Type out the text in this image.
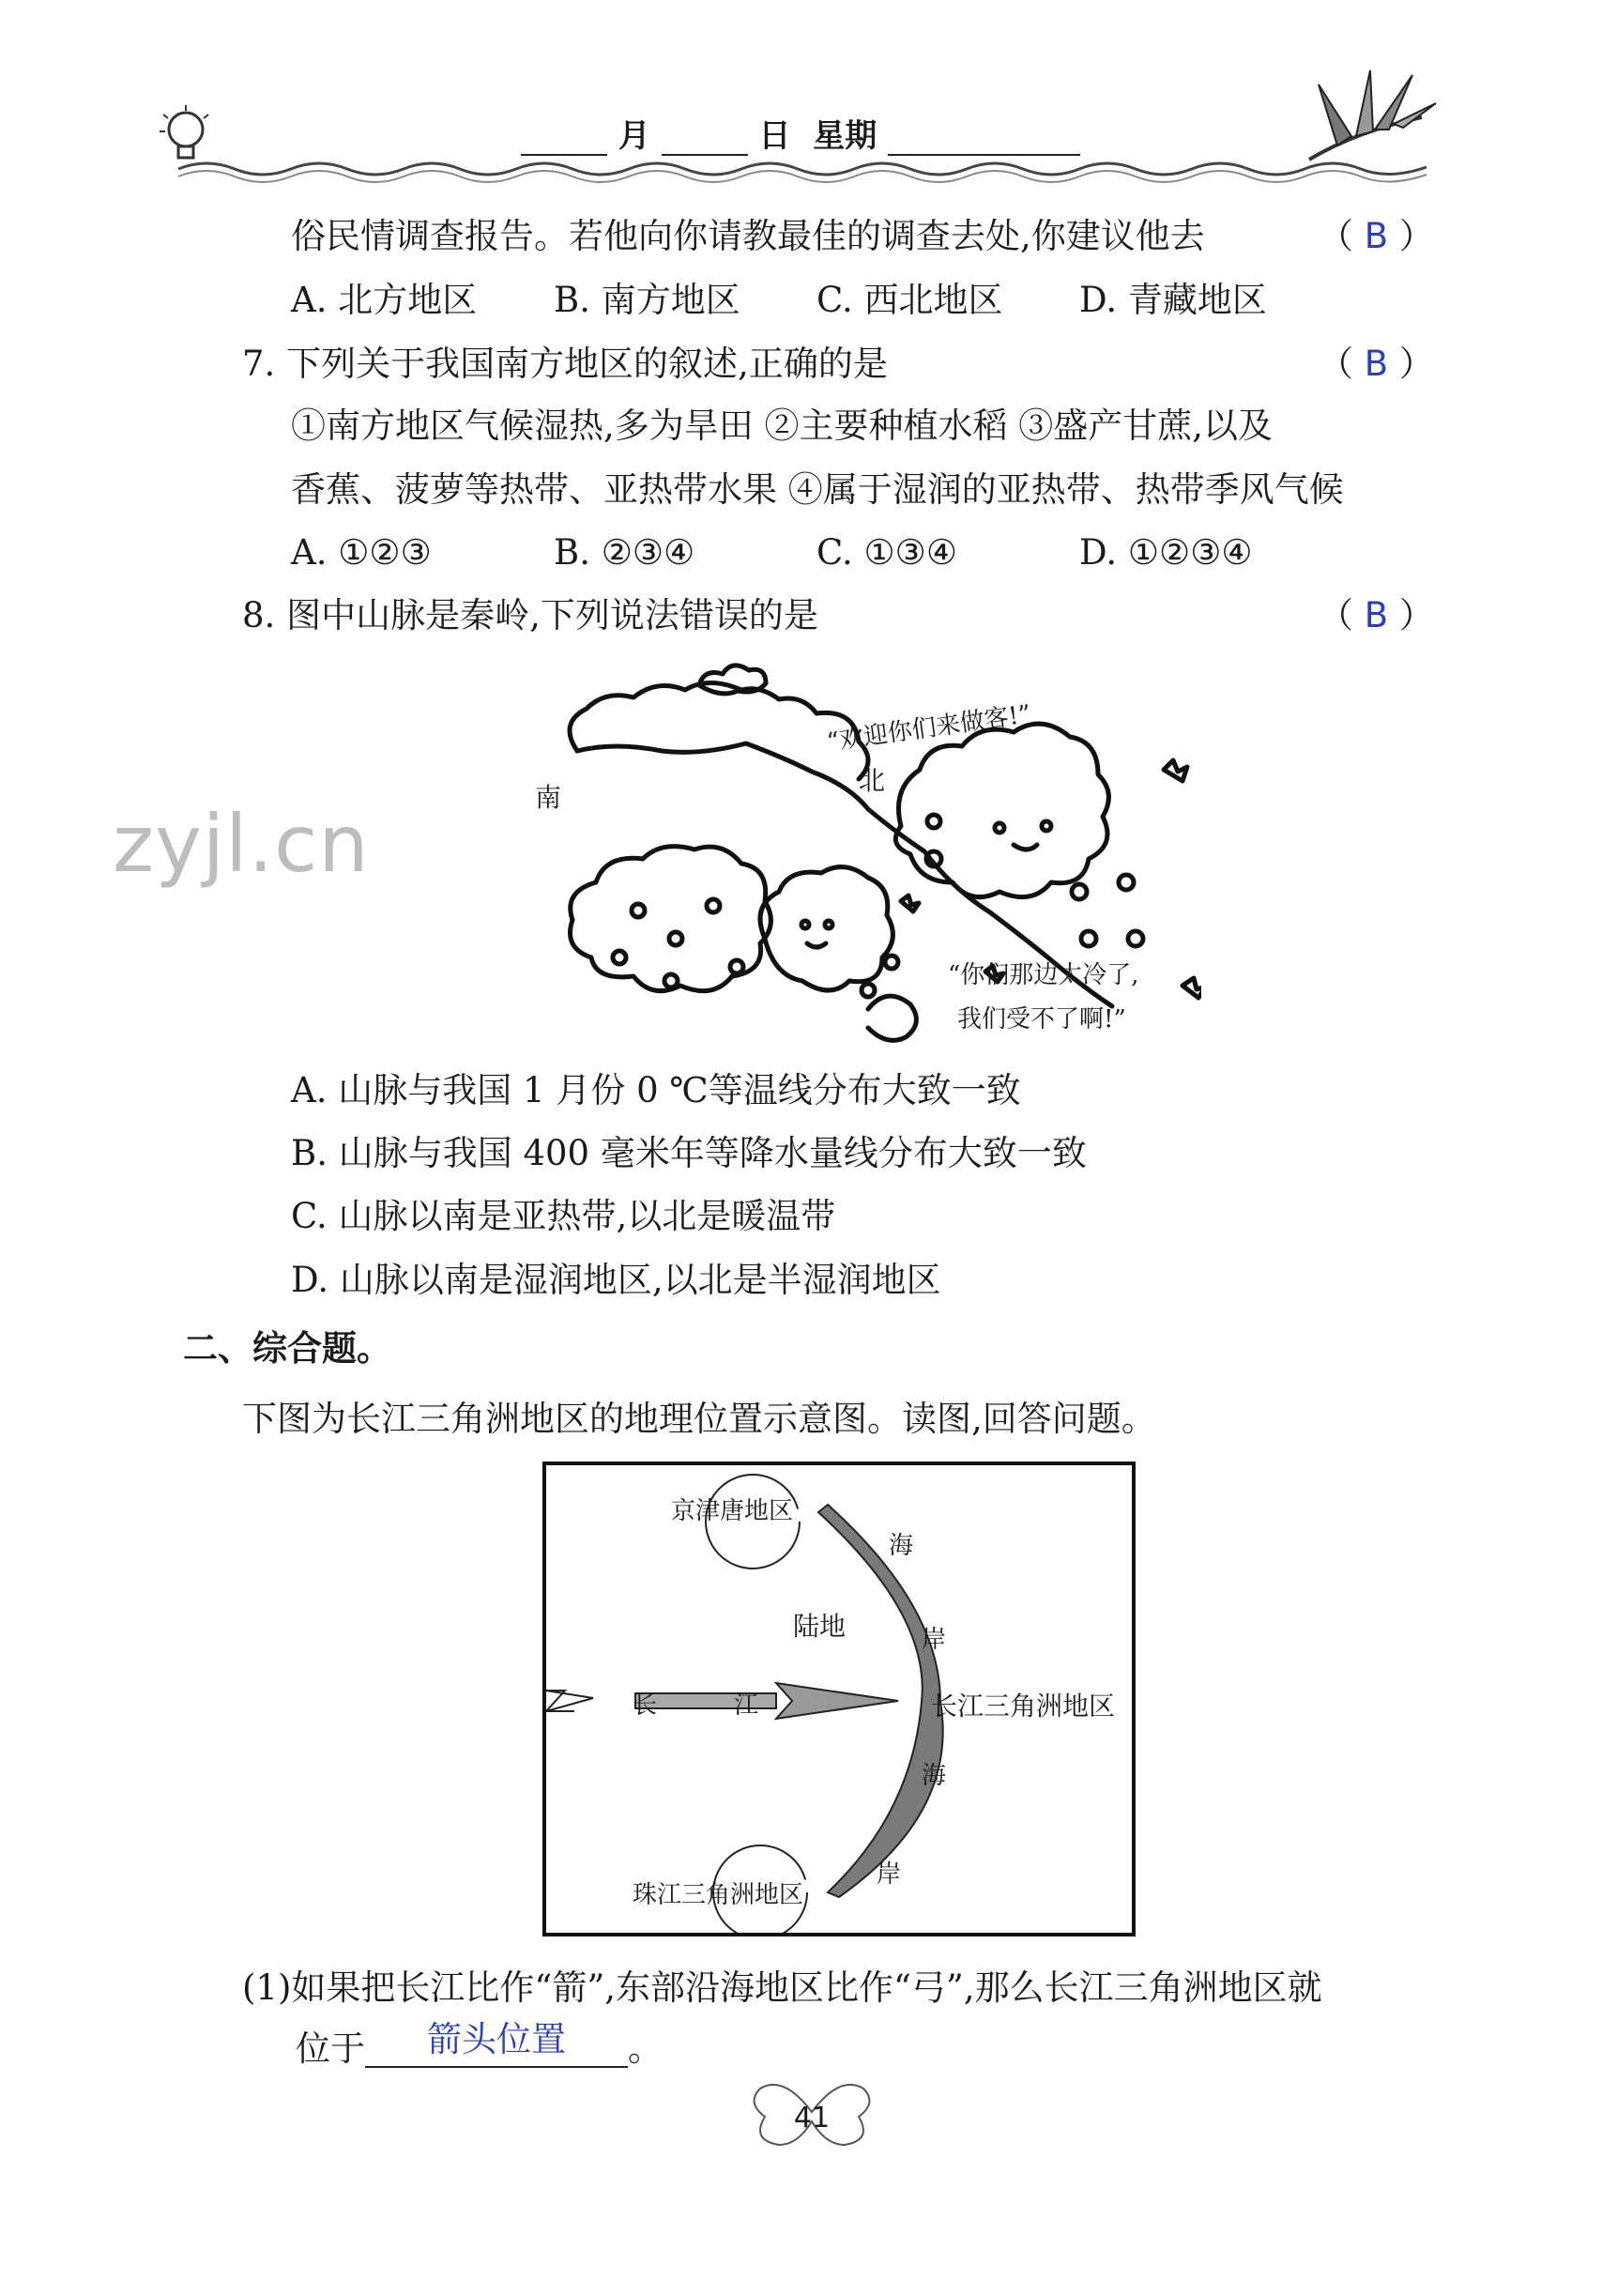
月	日 星期
俗民情调查报告。若他向你请教最佳的调查去处,你建议他去	（ B ）
A. 北方地区 B. 南方地区 C. 西北地区 D. 青藏地区
7. 下列关于我国南方地区的叙述,正确的是	（ B ）
①南方地区气候湿热,多为旱田 ②主要种植水稻 ③盛产甘蔗,以及
香蕉、菠萝等热带、亚热带水果 ④属于湿润的亚热带、热带季风气候
A. ①②③	B. ②③④	C. ①③④	D. ①②③④
8. 图中山脉是秦岭,下列说法错误的是	（ B ）
zyjl.cn
南
北
“欢迎你们来做客!”
“你们那边太冷了,
我们受不了啊!”
A. 山脉与我国 1 月份 0 ℃等温线分布大致一致
B. 山脉与我国 400 毫米年等降水量线分布大致一致
C. 山脉以南是亚热带,以北是暖温带
D. 山脉以南是湿润地区,以北是半湿润地区
二、综合题。
下图为长江三角洲地区的地理位置示意图。读图,回答问题。
京津唐地区
陆地
长	江	长江三角洲地区
珠江三角洲地区
海
岸
海
岸
(1)如果把长江比作“箭”,东部沿海地区比作“弓”,那么长江三角洲地区就
位于 箭头位置 。
41
